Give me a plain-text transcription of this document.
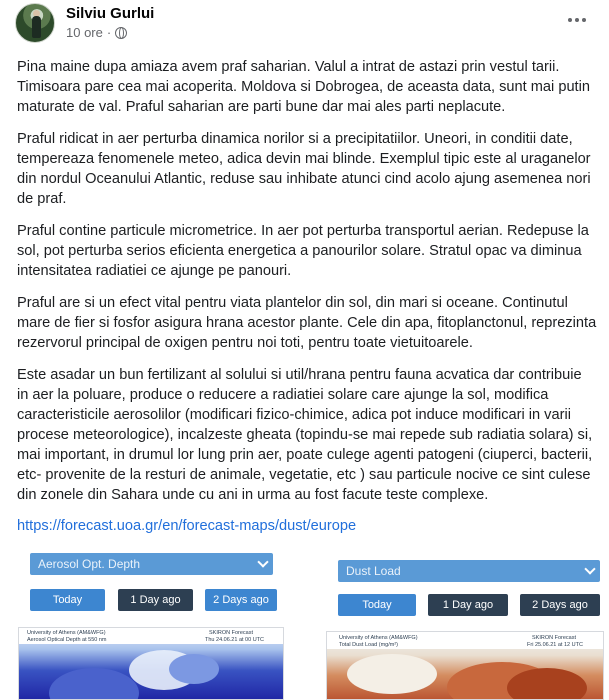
Silviu Gurlui
10 ore ·

Pina maine dupa amiaza avem praf saharian. Valul a intrat de astazi prin vestul tarii. Timisoara pare cea mai acoperita. Moldova si Dobrogea, de aceasta data, sunt mai putin maturate de val. Praful saharian are parti bune dar mai ales parti neplacute.

Praful ridicat in aer perturba dinamica norilor si a precipitatiilor. Uneori, in conditii date, tempereaza fenomenele meteo, adica devin mai blinde. Exemplul tipic este al uraganelor din nordul Oceanului Atlantic, reduse sau inhibate atunci cind acolo ajung asemenea nori de praf.

Praful contine particule micrometrice. In aer pot perturba transportul aerian. Redepuse la sol, pot perturba serios eficienta energetica a panourilor solare. Stratul opac va diminua intensitatea radiatiei ce ajunge pe panouri.

Praful are si un efect vital pentru viata plantelor din sol, din mari si oceane. Continutul mare de fier si fosfor asigura hrana acestor plante. Cele din apa, fitoplanctonul, reprezinta rezervorul principal de oxigen pentru noi toti, pentru toate vietuitoarele.

Este asadar un bun fertilizant al solului si util/hrana pentru fauna acvatica dar contribuie in aer la poluare, produce o reducere a radiatiei solare care ajunge la sol, modifica caracteristicile aerosolilor (modificari fizico-chimice, adica pot induce modificari in varii procese meteorologice), incalzeste gheata (topindu-se mai repede sub radiatia solara) si, mai important, in drumul lor lung prin aer, poate culege agenti patogeni (ciuperci, bacterii, etc- provenite de la resturi de animale, vegetatie, etc ) sau particule nocive ce sint culese din zonele din Sahara unde cu ani in urma au fost facute teste complexe.

https://forecast.uoa.gr/en/forecast-maps/dust/europe
Aerosol Opt. Depth
Today	1 Day ago	2 Days ago
University of Athens (AM&WFG)	SKIRON Forecast
Aerosol Optical Depth at 550 nm	Thu 24.06.21 at 00 UTC
Dust Load
Today	1 Day ago	2 Days ago
University of Athens (AM&WFG)	SKIRON Forecast
Total Dust Load (mg/m²)	Fri 25.06.21 at 12 UTC
